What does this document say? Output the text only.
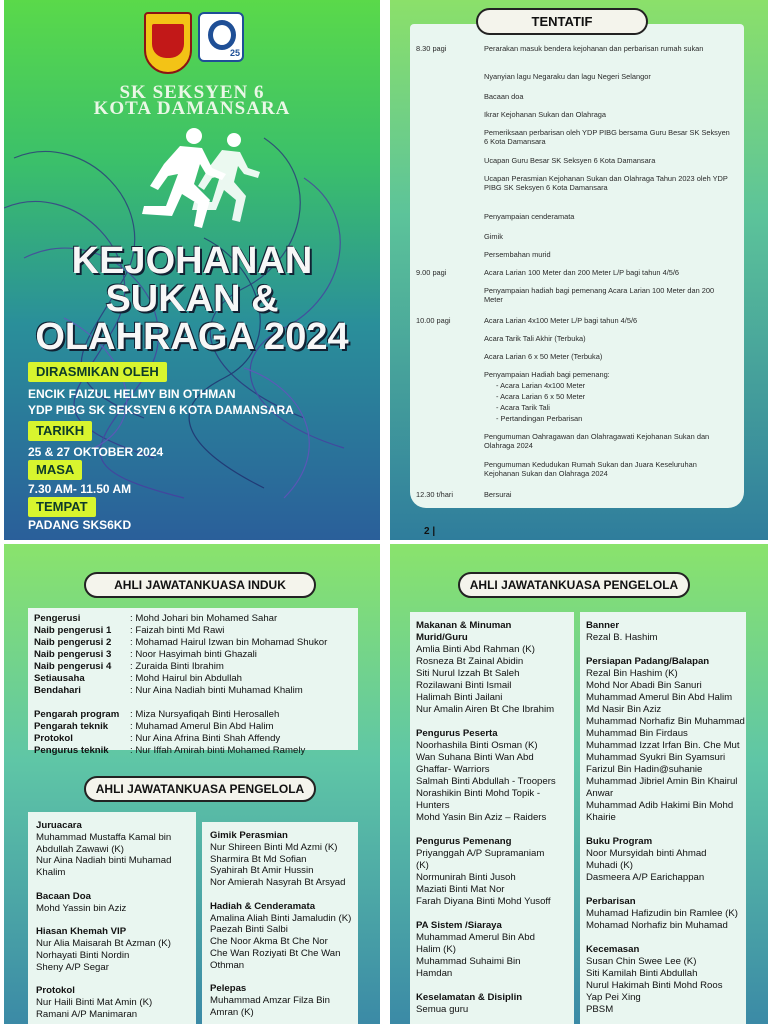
25
SK SEKSYEN 6
KOTA DAMANSARA
KEJOHANAN
SUKAN &
OLAHRAGA 2024
DIRASMIKAN OLEH
ENCIK FAIZUL HELMY BIN OTHMAN
YDP PIBG SK SEKSYEN 6 KOTA DAMANSARA
TARIKH
25 & 27 OKTOBER 2024
MASA
7.30 AM- 11.50 AM
TEMPAT
PADANG SKS6KD
TENTATIF
8.30 pagi	Perarakan masuk bendera kejohanan dan perbarisan rumah sukan
Nyanyian lagu Negaraku dan lagu Negeri Selangor
Bacaan doa
Ikrar Kejohanan Sukan dan Olahraga
Pemeriksaan perbarisan oleh YDP PIBG bersama Guru Besar SK Seksyen 6 Kota Damansara
Ucapan Guru Besar SK Seksyen 6 Kota Damansara
Ucapan Perasmian Kejohanan Sukan dan Olahraga Tahun 2023 oleh YDP PIBG SK Seksyen 6 Kota Damansara
Penyampaian cenderamata
Gimik
Persembahan murid
9.00 pagi	Acara Larian 100 Meter dan 200 Meter L/P bagi tahun 4/5/6
Penyampaian hadiah bagi pemenang Acara Larian 100 Meter dan 200 Meter
10.00 pagi	Acara Larian 4x100 Meter L/P bagi tahun 4/5/6
Acara Tarik Tali Akhir (Terbuka)
Acara Larian 6 x 50 Meter (Terbuka)
Penyampaian Hadiah bagi pemenang:
- Acara Larian 4x100 Meter
- Acara Larian 6 x 50 Meter
- Acara Tarik Tali
- Pertandingan Perbarisan
Pengumuman Oahragawan dan Olahragawati Kejohanan Sukan dan Olahraga 2024
Pengumuman Kedudukan Rumah Sukan dan Juara Keseluruhan Kejohanan Sukan dan Olahraga 2024
12.30 t/hari	Bersurai
2 |
AHLI JAWATANKUASA INDUK
Pengerusi	: Mohd Johari bin Mohamed Sahar
Naib pengerusi 1 : Faizah binti Md Rawi
Naib pengerusi 2 : Mohamad Hairul Izwan bin Mohamad Shukor
Naib pengerusi 3 : Noor Hasyimah binti Ghazali
Naib pengerusi 4 : Zuraida Binti Ibrahim
Setiausaha	: Mohd Hairul bin Abdullah
Bendahari	: Nur Aina Nadiah binti Muhamad Khalim
Pengarah program : Miza Nursyafiqah Binti Herosalleh
Pengarah teknik : Muhamad Amerul Bin Abd Halim
Protokol	: Nur Aina Afrina Binti Shah Affendy
Pengurus teknik : Nur Iffah Amirah binti Mohamed Ramely
AHLI JAWATANKUASA PENGELOLA
Juruacara
Muhammad Mustaffa Kamal bin
Abdullah Zawawi (K)
Nur Aina Nadiah binti Muhamad
Khalim
Bacaan Doa
Mohd Yassin bin Aziz
Hiasan Khemah VIP
Nur Alia Maisarah Bt Azman (K)
Norhayati Binti Nordin
Sheny A/P Segar
Protokol
Nur Haili Binti Mat Amin (K)
Ramani A/P Manimaran
Gimik Perasmian
Nur Shireen Binti Md Azmi (K)
Sharmira Bt Md Sofian
Syahirah Bt Amir Hussin
Nor Amierah Nasyrah Bt Arsyad
Hadiah & Cenderamata
Amalina Aliah Binti Jamaludin (K)
Paezah Binti Salbi
Che Noor Akma Bt Che Nor
Che Wan Roziyati Bt Che Wan
Othman
Pelepas
Muhammad Amzar Filza Bin
Amran (K)
AHLI JAWATANKUASA PENGELOLA
Makanan & Minuman
Murid/Guru
Amlia Binti Abd Rahman (K)
Rosneza Bt Zainal Abidin
Siti Nurul Izzah Bt Saleh
Rozilawani Binti Ismail
Halimah Binti Jailani
Nur Amalin Airen Bt Che Ibrahim
Pengurus Peserta
Noorhashila Binti Osman (K)
Wan Suhana Binti Wan Abd
Ghaffar- Warriors
Salmah Binti Abdullah - Troopers
Norashikin Binti Mohd Topik -
Hunters
Mohd Yasin Bin Aziz – Raiders
Pengurus Pemenang
Priyanggah A/P Supramaniam
(K)
Normunirah Binti Jusoh
Maziati Binti Mat Nor
Farah Diyana Binti Mohd Yusoff
PA Sistem /Siaraya
Muhammad Amerul Bin Abd
Halim (K)
Muhammad Suhaimi Bin
Hamdan
Keselamatan & Disiplin
Semua guru
Banner
Rezal B. Hashim
Persiapan Padang/Balapan
Rezal Bin Hashim (K)
Mohd Nor Abadi Bin Sanuri
Muhammad Amerul Bin Abd Halim
Md Nasir Bin Aziz
Muhammad Norhafiz Bin Muhammad
Muhammad Bin Firdaus
Muhammad Izzat Irfan Bin. Che Mut
Muhammad Syukri Bin Syamsuri
Farizul Bin Hadin@suhanie
Muhammad Jibriel Amin Bin Khairul
Anwar
Muhammad Adib Hakimi Bin Mohd
Khairie
Buku Program
Noor Mursyidah binti Ahmad
Muhadi (K)
Dasmeera A/P Earichappan
Perbarisan
Muhamad Hafizudin bin Ramlee (K)
Mohamad Norhafiz bin Muhamad
Kecemasan
Susan Chin Swee Lee (K)
Siti Kamilah Binti Abdullah
Nurul Hakimah Binti Mohd Roos
Yap Pei Xing
PBSM
